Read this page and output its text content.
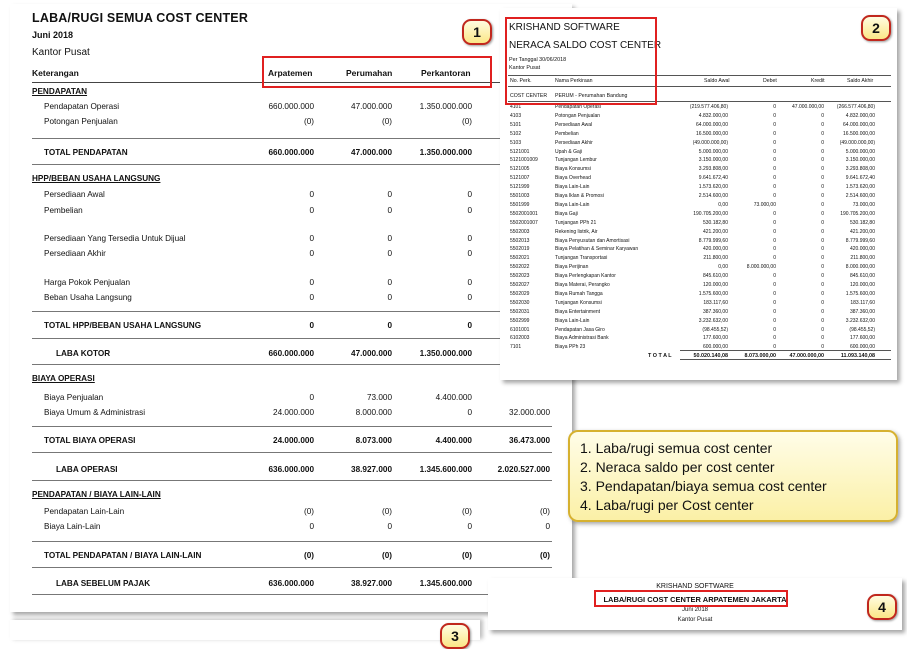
LABA/RUGI SEMUA COST CENTER
Juni 2018
Kantor Pusat
Keterangan	Arpatemen	Perumahan	Perkantoran
PENDAPATAN
HPP/BEBAN USAHA LANGSUNG
BIAYA OPERASI
PENDAPATAN / BIAYA LAIN-LAIN
Pendapatan Operasi	660.000.000	47.000.000	1.350.000.000
Potongan Penjualan	(0)	(0)	(0)
TOTAL PENDAPATAN	660.000.000	47.000.000	1.350.000.000
Persediaan Awal	0	0	0
Pembelian	0	0	0
Persediaan Yang Tersedia Untuk Dijual	0	0	0
Persediaan Akhir	0	0	0
Harga Pokok Penjualan	0	0	0
Beban Usaha Langsung	0	0	0
TOTAL HPP/BEBAN USAHA LANGSUNG	0	0	0
LABA KOTOR	660.000.000	47.000.000	1.350.000.000
Biaya Penjualan	0	73.000	4.400.000
Biaya Umum & Administrasi	24.000.000	8.000.000	0	32.000.000
TOTAL BIAYA OPERASI	24.000.000	8.073.000	4.400.000	36.473.000
LABA OPERASI	636.000.000	38.927.000	1.345.600.000	2.020.527.000
Pendapatan Lain-Lain	(0)	(0)	(0)	(0)
Biaya Lain-Lain	0	0	0	0
TOTAL PENDAPATAN / BIAYA LAIN-LAIN	(0)	(0)	(0)	(0)
LABA SEBELUM PAJAK	636.000.000	38.927.000	1.345.600.000
1	KRISHAND SOFTWARE
NERACA SALDO COST CENTER
Per Tanggal 30/06/2018
Kantor Pusat
No. Perk.	Nama Perkiraan	Saldo Awal	Debet	Kredit	Saldo Akhir
COST CENTER PERUM - Perumahan Bandung
4101	Pendapatan Operasi	(219.577.406,80)	0	47.000.000,00	(266.577.406,80)
4103	Potongan Penjualan	4.832.000,00	0	0	4.832.000,00
5101	Persediaan Awal	64.000.000,00	0	0	64.000.000,00
5102	Pembelian	16.500.000,00	0	0	16.500.000,00
5103	Persediaan Akhir	(49.000.000,00)	0	0	(49.000.000,00)
5121001	Upah & Gaji	5.000.000,00	0	0	5.000.000,00
5121001009	Tunjangan Lembur	3.150.000,00	0	0	3.150.000,00
5121005	Biaya Konsumsi	3.293.808,00	0	0	3.293.808,00
5121007	Biaya Overhead	9.641.672,40	0	0	9.641.672,40
5121999	Biaya Lain-Lain	1.573.620,00	0	0	1.573.620,00
5501003	Biaya Iklan & Promosi	2.514.600,00	0	0	2.514.600,00
5501999	Biaya Lain-Lain	0,00	73.000,00	0	73.000,00
5502001001	Biaya Gaji	190.705.200,00	0	0	190.705.200,00
5502001007	Tunjangan PPh 21	530.182,80	0	0	530.182,80
5502003	Rekening listrik, Air	421.200,00	0	0	421.200,00
5502013	Biaya Penyusutan dan Amortisasi	8.779.999,60	0	0	8.779.999,60
5502019	Biaya Pelatihan & Seminar Karyawan	420.000,00	0	0	420.000,00
5502021	Tunjangan Transportasi	211.800,00	0	0	211.800,00
5502022	Biaya Perijinan	0,00	8.000.000,00	0	8.000.000,00
5502023	Biaya Perlengkapan Kantor	845.610,00	0	0	845.610,00
5502027	Biaya Materai, Perangko	120.000,00	0	0	120.000,00
5502029	Biaya Rumah Tangga	1.575.600,00	0	0	1.575.600,00
5502030	Tunjangan Konsumsi	183.117,60	0	0	183.117,60
5502031	Biaya Entertainment	387.360,00	0	0	387.360,00
5502999	Biaya Lain-Lain	3.232.632,00	0	0	3.232.632,00
6101001	Pendapatan Jasa Giro	(98.455,52)	0	0	(98.455,52)
6102003	Biaya Administrasi Bank	177.600,00	0	0	177.600,00
7101	Biaya PPh 23	600.000,00	0	0	600.000,00
T O T A L	50.020.140,08	8.073.000,00	47.000.000,00	11.093.140,08
2
1. Laba/rugi semua cost center
2. Neraca saldo per cost center
3. Pendapatan/biaya semua cost center
4. Laba/rugi per Cost center
KRISHAND SOFTWARE
LABA/RUGI COST CENTER ARPATEMEN JAKARTA
Juni 2018
Kantor Pusat
4
3
